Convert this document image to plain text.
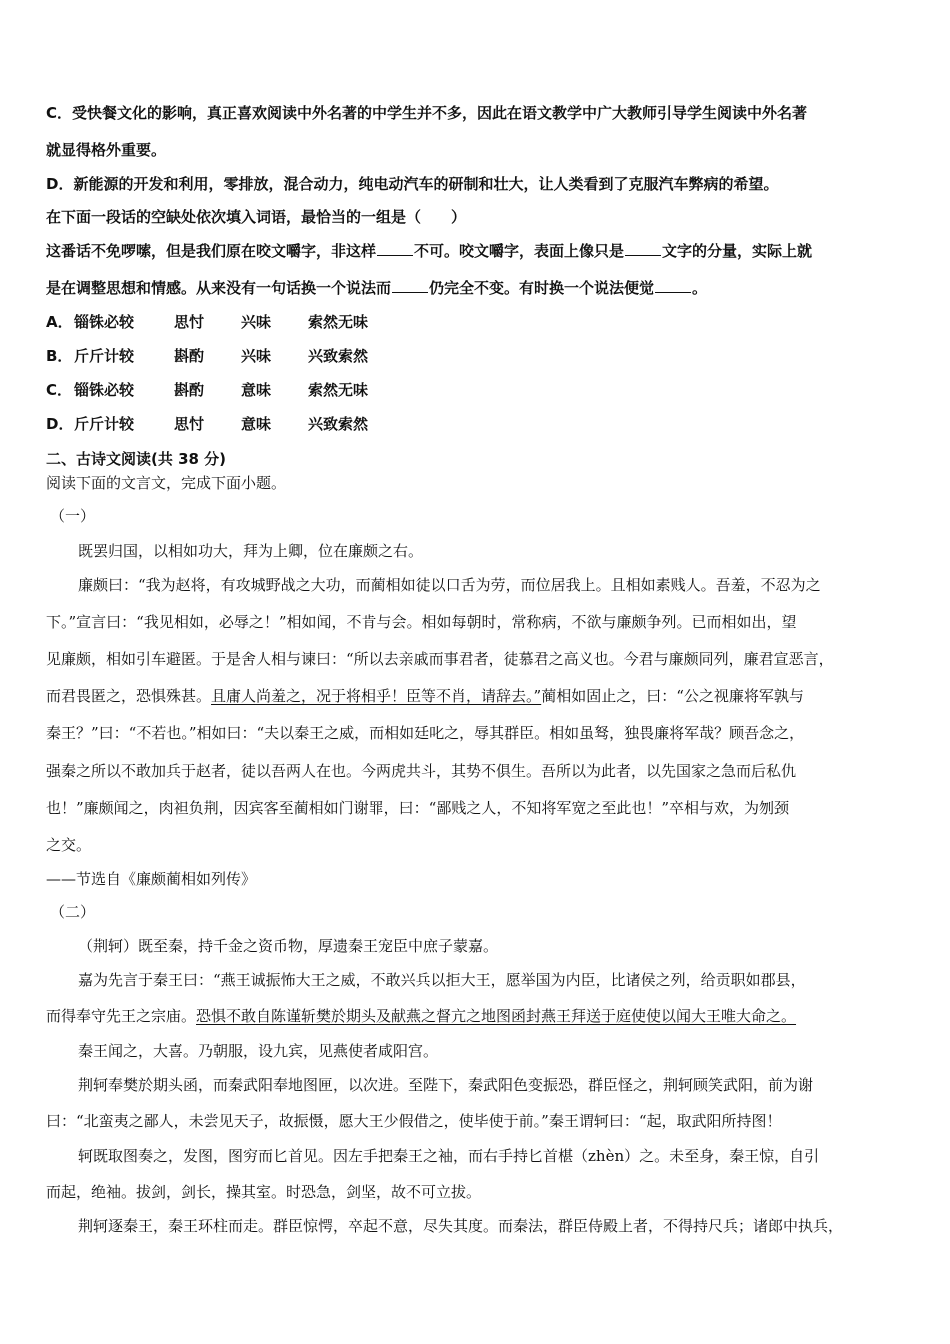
C．受快餐文化的影响，真正喜欢阅读中外名著的中学生并不多，因此在语文教学中广大教师引导学生阅读中外名著
就显得格外重要。
D．新能源的开发和利用，零排放，混合动力，纯电动汽车的研制和壮大，让人类看到了克服汽车弊病的希望。
在下面一段话的空缺处依次填入词语，最恰当的一组是（　　）
这番话不免啰嗦，但是我们原在咬文嚼字，非这样	不可。咬文嚼字，表面上像只是	文字的分量，实际上就
是在调整思想和情感。从来没有一句话换一个说法而	仍完全不变。有时换一个说法便觉	。
A．锱铢必较	思忖 兴味 索然无味
B． 斤斤计较	斟酌 兴味 兴致索然
C． 锱铢必较	斟酌 意味 索然无味
D．斤斤计较	思忖 意味 兴致索然
二、古诗文阅读(共 38 分)
阅读下面的文言文，完成下面小题。
（一）
既罢归国，以相如功大，拜为上卿，位在廉颇之右。
廉颇曰：“我为赵将，有攻城野战之大功，而蔺相如徒以口舌为劳，而位居我上。且相如素贱人。吾羞，不忍为之
下。”宣言曰：“我见相如，必辱之！”相如闻，不肯与会。相如每朝时，常称病，不欲与廉颇争列。已而相如出，望
见廉颇，相如引车避匿。于是舍人相与谏曰：“所以去亲戚而事君者，徒慕君之高义也。今君与廉颇同列，廉君宣恶言，
而君畏匿之，恐惧殊甚。且庸人尚羞之，况于将相乎！臣等不肖，请辞去。”蔺相如固止之，曰：“公之视廉将军孰与
秦王？”曰：“不若也。”相如曰：“夫以秦王之威，而相如廷叱之，辱其群臣。相如虽驽，独畏廉将军哉？顾吾念之，
强秦之所以不敢加兵于赵者，徒以吾两人在也。今两虎共斗，其势不俱生。吾所以为此者，以先国家之急而后私仇
也！”廉颇闻之，肉袒负荆，因宾客至蔺相如门谢罪，曰：“鄙贱之人，不知将军宽之至此也！”卒相与欢，为刎颈
之交。
——节选自《廉颇蔺相如列传》
（二）
（荆轲）既至秦，持千金之资币物，厚遗秦王宠臣中庶子蒙嘉。
嘉为先言于秦王曰：“燕王诚振怖大王之威，不敢兴兵以拒大王，愿举国为内臣，比诸侯之列，给贡职如郡县，
而得奉守先王之宗庙。恐惧不敢自陈谨斩樊於期头及献燕之督亢之地图函封燕王拜送于庭使使以闻大王唯大命之。
秦王闻之，大喜。乃朝服，设九宾，见燕使者咸阳宫。
荆轲奉樊於期头函，而秦武阳奉地图匣，以次进。至陛下，秦武阳色变振恐，群臣怪之，荆轲顾笑武阳，前为谢
曰：“北蛮夷之鄙人，未尝见天子，故振慑，愿大王少假借之，使毕使于前。”秦王谓轲曰：“起，取武阳所持图！
轲既取图奏之，发图，图穷而匕首见。因左手把秦王之袖，而右手持匕首椹（zhèn）之。未至身，秦王惊，自引
而起，绝袖。拔剑，剑长，操其室。时恐急，剑坚，故不可立拔。
荆轲逐秦王，秦王环柱而走。群臣惊愕，卒起不意，尽失其度。而秦法，群臣侍殿上者，不得持尺兵；诸郎中执兵，
